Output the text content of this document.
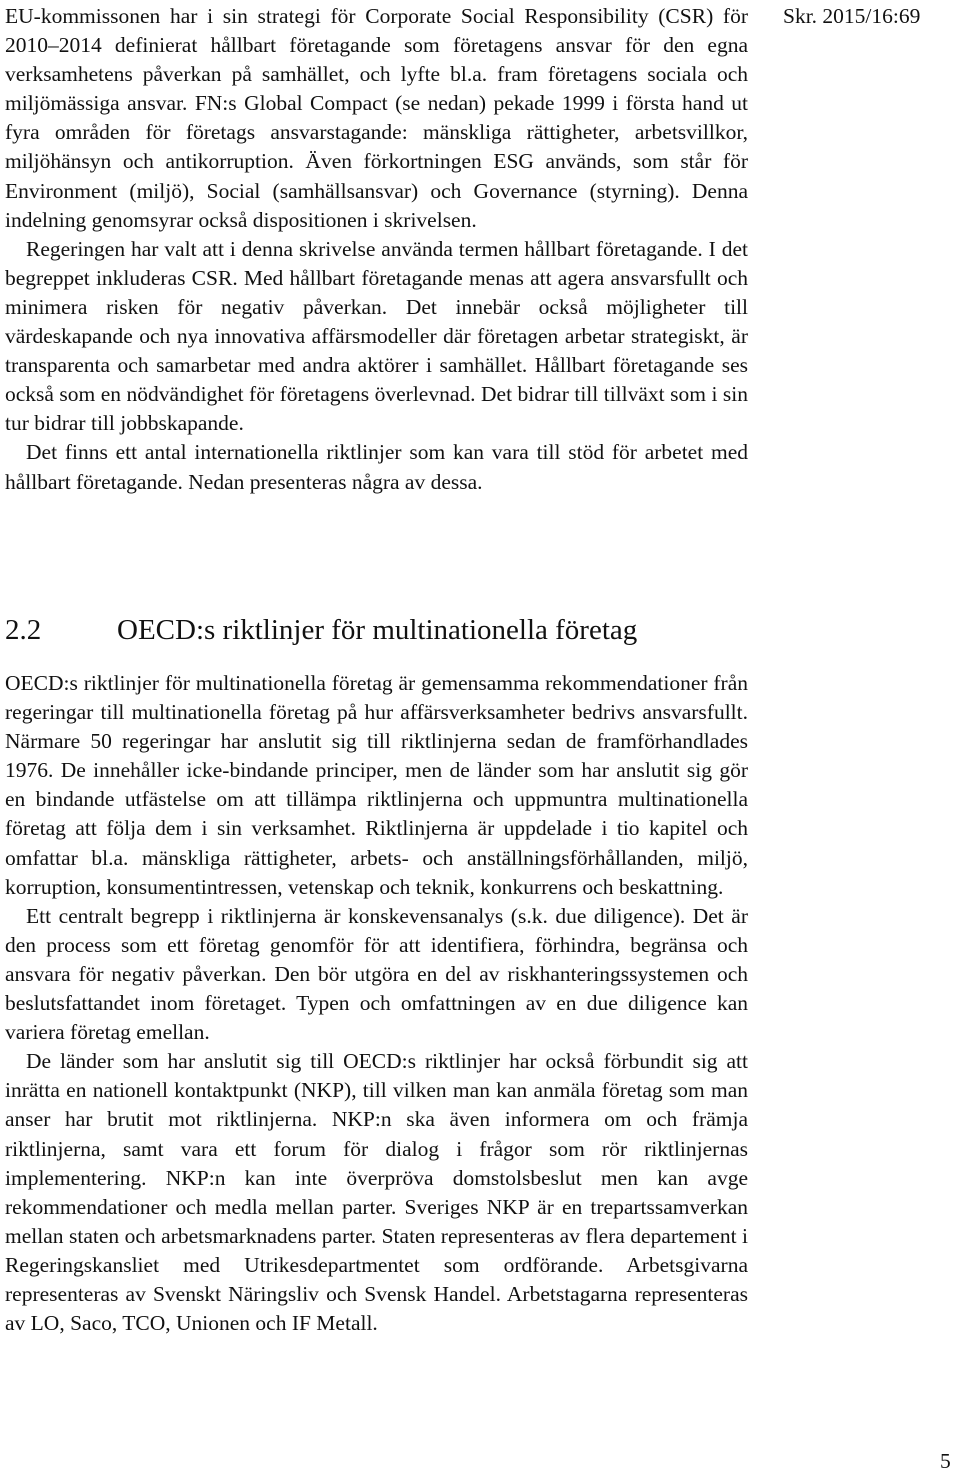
Skr. 2015/16:69

EU-kommissonen har i sin strategi för Corporate Social Responsibility (CSR) för 2010–2014 definierat hållbart företagande som företagens ansvar för den egna verksamhetens påverkan på samhället, och lyfte bl.a. fram företagens sociala och miljömässiga ansvar. FN:s Global Compact (se nedan) pekade 1999 i första hand ut fyra områden för företags ansvarstagande: mänskliga rättigheter, arbetsvillkor, miljöhänsyn och antikorruption. Även förkortningen ESG används, som står för Environment (miljö), Social (samhällsansvar) och Governance (styrning). Denna indelning genomsyrar också dispositionen i skrivelsen.

Regeringen har valt att i denna skrivelse använda termen hållbart företagande. I det begreppet inkluderas CSR. Med hållbart företagande menas att agera ansvarsfullt och minimera risken för negativ påverkan. Det innebär också möjligheter till värdeskapande och nya innovativa affärsmodeller där företagen arbetar strategiskt, är transparenta och samarbetar med andra aktörer i samhället. Hållbart företagande ses också som en nödvändighet för företagens överlevnad. Det bidrar till tillväxt som i sin tur bidrar till jobbskapande.

Det finns ett antal internationella riktlinjer som kan vara till stöd för arbetet med hållbart företagande. Nedan presenteras några av dessa.

2.2	OECD:s riktlinjer för multinationella företag

OECD:s riktlinjer för multinationella företag är gemensamma rekommendationer från regeringar till multinationella företag på hur affärsverksamheter bedrivs ansvarsfullt. Närmare 50 regeringar har anslutit sig till riktlinjerna sedan de framförhandlades 1976. De innehåller icke-bindande principer, men de länder som har anslutit sig gör en bindande utfästelse om att tillämpa riktlinjerna och uppmuntra multinationella företag att följa dem i sin verksamhet. Riktlinjerna är uppdelade i tio kapitel och omfattar bl.a. mänskliga rättigheter, arbets- och anställningsförhållanden, miljö, korruption, konsumentintressen, vetenskap och teknik, konkurrens och beskattning.

Ett centralt begrepp i riktlinjerna är konskevensanalys (s.k. due diligence). Det är den process som ett företag genomför för att identifiera, förhindra, begränsa och ansvara för negativ påverkan. Den bör utgöra en del av riskhanteringssystemen och beslutsfattandet inom företaget. Typen och omfattningen av en due diligence kan variera företag emellan.

De länder som har anslutit sig till OECD:s riktlinjer har också förbundit sig att inrätta en nationell kontaktpunkt (NKP), till vilken man kan anmäla företag som man anser har brutit mot riktlinjerna. NKP:n ska även informera om och främja riktlinjerna, samt vara ett forum för dialog i frågor som rör riktlinjernas implementering. NKP:n kan inte överpröva domstolsbeslut men kan avge rekommendationer och medla mellan parter. Sveriges NKP är en trepartssamverkan mellan staten och arbetsmarknadens parter. Staten representeras av flera departement i Regeringskansliet med Utrikesdepartmentet som ordförande. Arbetsgivarna representeras av Svenskt Näringsliv och Svensk Handel. Arbetstagarna representeras av LO, Saco, TCO, Unionen och IF Metall.

5
